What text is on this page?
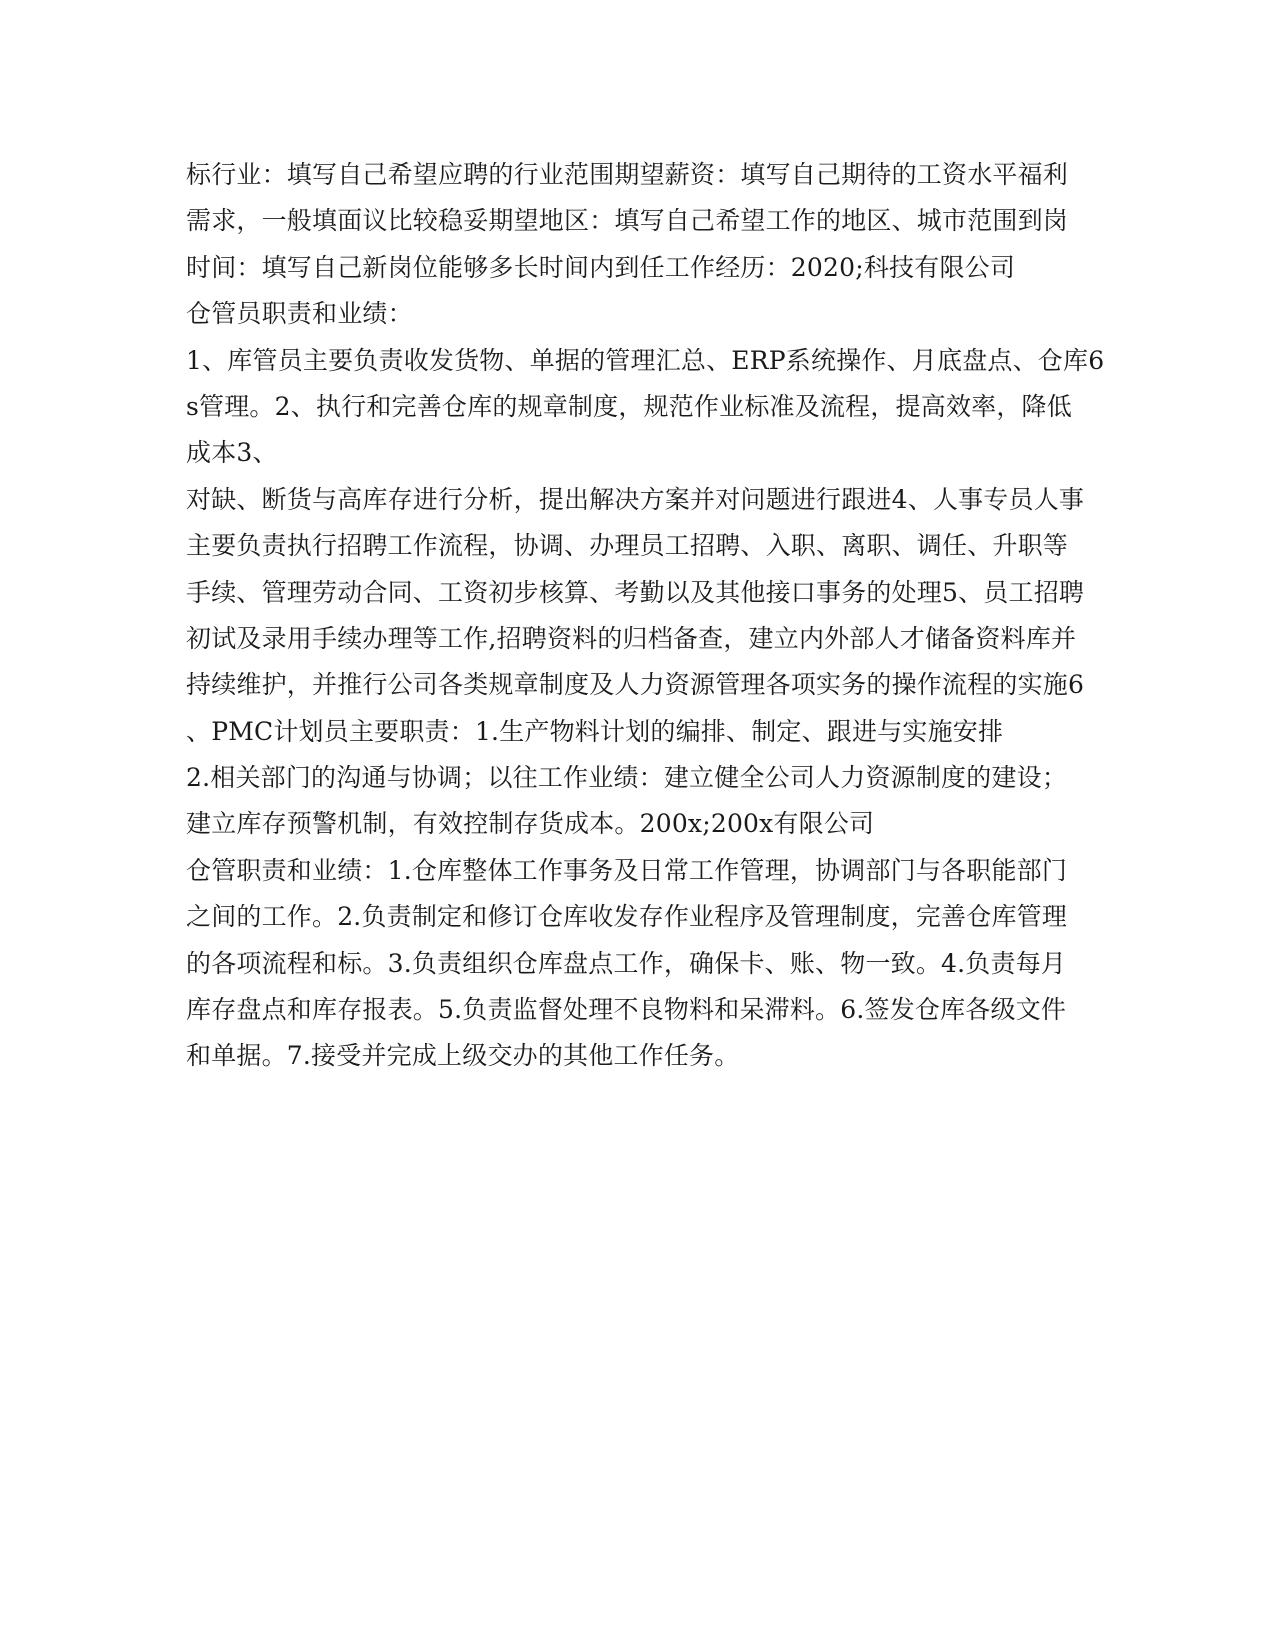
标行业：填写自己希望应聘的行业范围期望薪资：填写自己期待的工资水平福利
需求，一般填面议比较稳妥期望地区：填写自己希望工作的地区、城市范围到岗
时间：填写自己新岗位能够多长时间内到任工作经历：2020;科技有限公司
仓管员职责和业绩：
1、库管员主要负责收发货物、单据的管理汇总、ERP系统操作、月底盘点、仓库6
s管理。2、执行和完善仓库的规章制度，规范作业标准及流程，提高效率，降低
成本3、
对缺、断货与高库存进行分析，提出解决方案并对问题进行跟进4、人事专员人事
主要负责执行招聘工作流程，协调、办理员工招聘、入职、离职、调任、升职等
手续、管理劳动合同、工资初步核算、考勤以及其他接口事务的处理5、员工招聘
初试及录用手续办理等工作,招聘资料的归档备查，建立内外部人才储备资料库并
持续维护，并推行公司各类规章制度及人力资源管理各项实务的操作流程的实施6
、PMC计划员主要职责：1.生产物料计划的编排、制定、跟进与实施安排
2.相关部门的沟通与协调；以往工作业绩：建立健全公司人力资源制度的建设；
建立库存预警机制，有效控制存货成本。200x;200x有限公司
仓管职责和业绩：1.仓库整体工作事务及日常工作管理，协调部门与各职能部门
之间的工作。2.负责制定和修订仓库收发存作业程序及管理制度，完善仓库管理
的各项流程和标。3.负责组织仓库盘点工作，确保卡、账、物一致。4.负责每月
库存盘点和库存报表。5.负责监督处理不良物料和呆滞料。6.签发仓库各级文件
和单据。7.接受并完成上级交办的其他工作任务。
